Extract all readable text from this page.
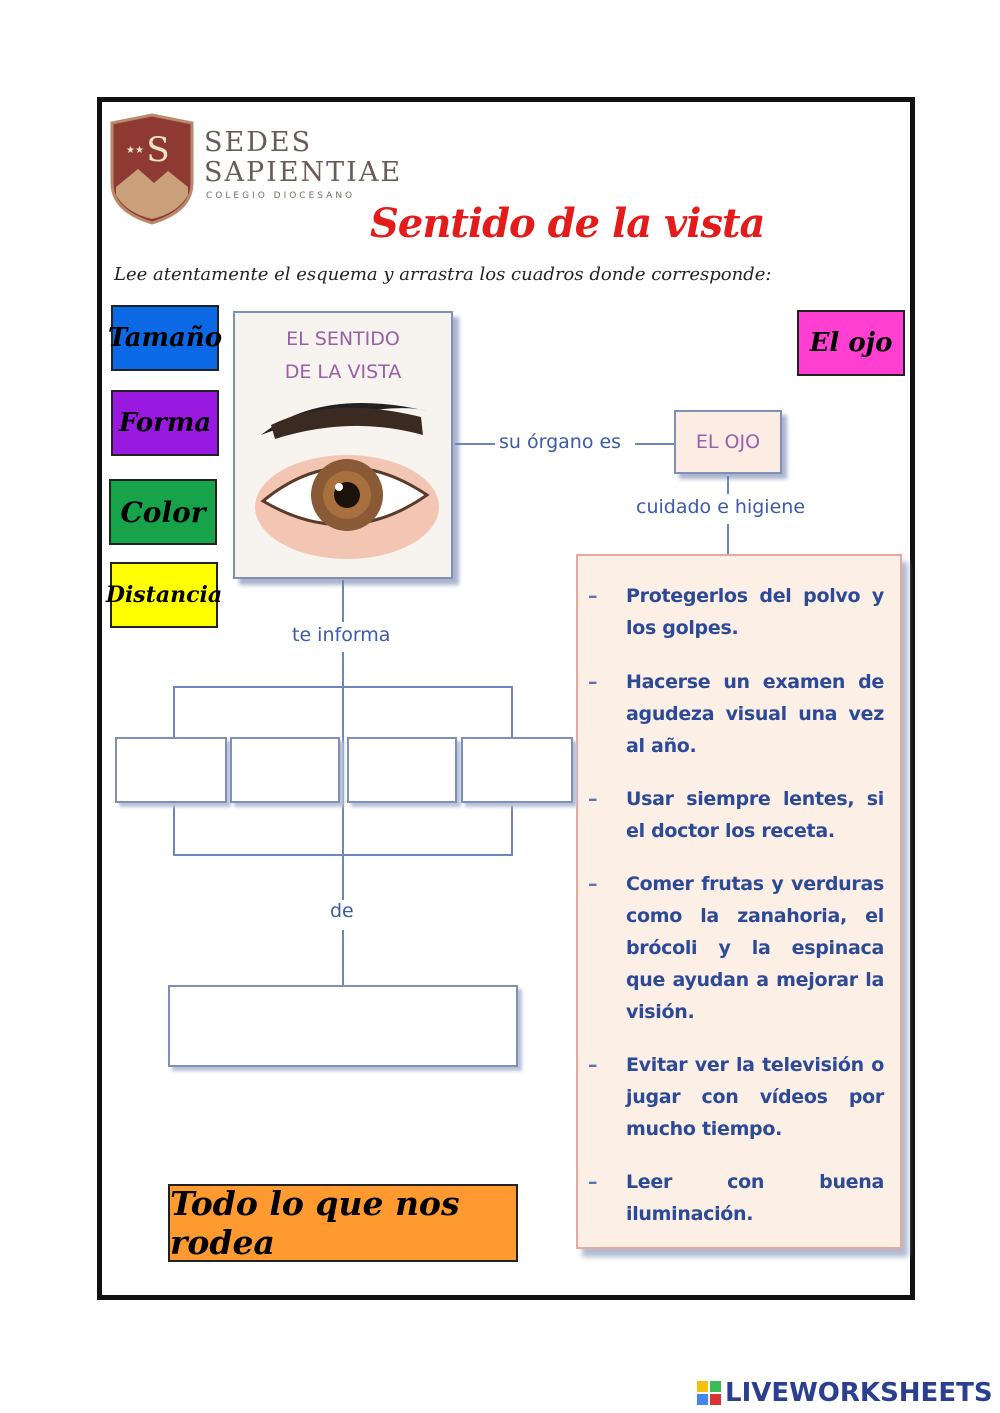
S
★★ SEDES
SAPIENTIAE
COLEGIO DIOCESANO
Sentido de la vista
Lee atentamente el esquema y arrastra los cuadros donde corresponde:
Tamaño
Forma
Color
Distancia
El ojo
Todo lo que nos rodea
EL SENTIDO
DE LA VISTA
su órgano es	EL OJO
cuidado e higiene
– Protegerlos del polvo y los golpes.
– Hacerse un examen de agudeza visual una vez al año.
– Usar siempre lentes, si el doctor los receta.
– Comer frutas y verduras como la zanahoria, el brócoli y la espinaca que ayudan a mejorar la visión.
– Evitar ver la televisión o jugar con vídeos por mucho tiempo.
– Leer con buena iluminación.
te informa
de
LIVEWORKSHEETS
